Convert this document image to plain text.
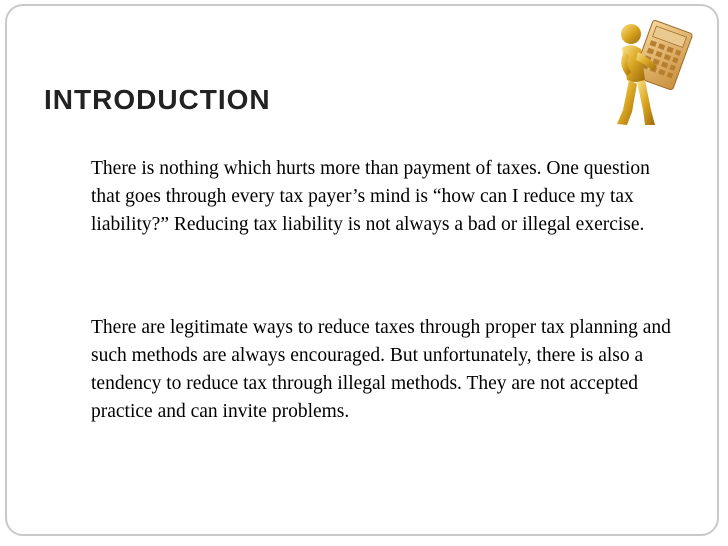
INTRODUCTION

There is nothing which hurts more than payment of taxes. One question that goes through every tax payer’s mind is “how can I reduce my tax liability?” Reducing tax liability is not always a bad or illegal exercise.

There are legitimate ways to reduce taxes through proper tax planning and such methods are always encouraged. But unfortunately, there is also a tendency to reduce tax through illegal methods. They are not accepted practice and can invite problems.
